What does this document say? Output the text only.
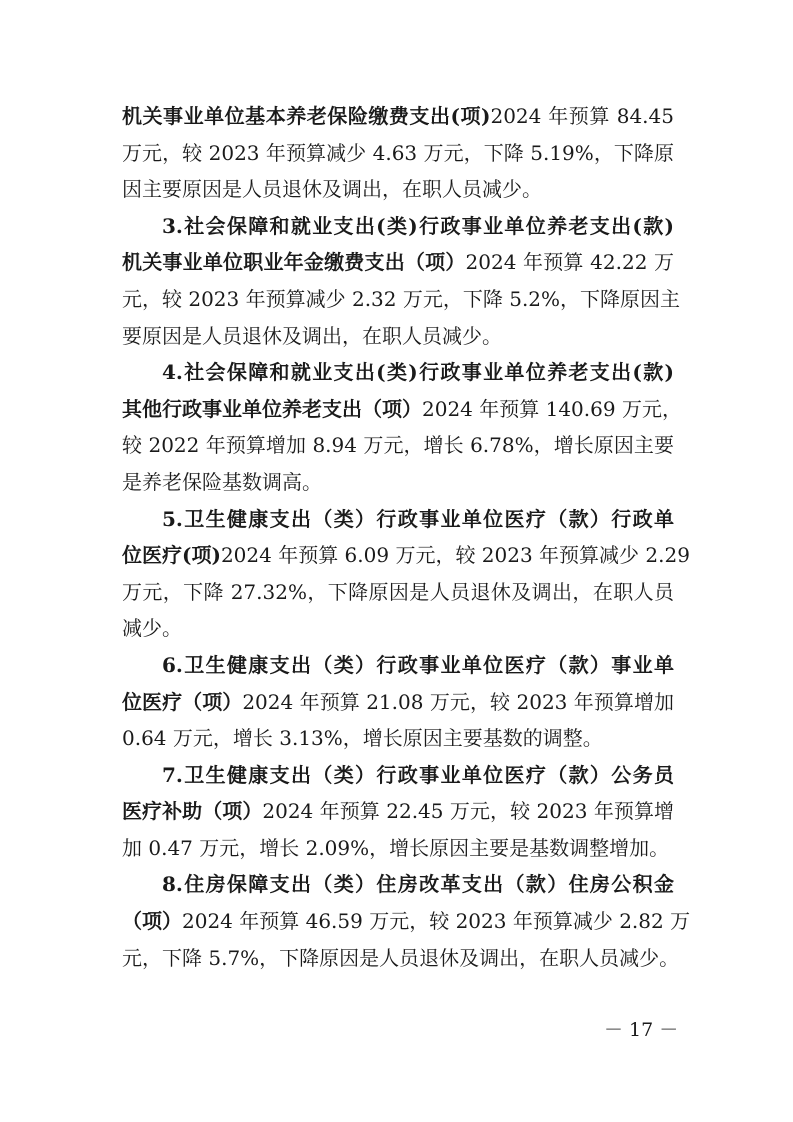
机关事业单位基本养老保险缴费支出(项)2024 年预算 84.45
万元，较 2023 年预算减少 4.63 万元，下降 5.19%，下降原
因主要原因是人员退休及调出，在职人员减少。
3.社会保障和就业支出(类)行政事业单位养老支出(款)
机关事业单位职业年金缴费支出（项）2024 年预算 42.22 万
元，较 2023 年预算减少 2.32 万元，下降 5.2%，下降原因主
要原因是人员退休及调出，在职人员减少。
4.社会保障和就业支出(类)行政事业单位养老支出(款)
其他行政事业单位养老支出（项）2024 年预算 140.69 万元，
较 2022 年预算增加 8.94 万元，增长 6.78%，增长原因主要
是养老保险基数调高。
5.卫生健康支出（类）行政事业单位医疗（款）行政单
位医疗(项)2024 年预算 6.09 万元，较 2023 年预算减少 2.29
万元，下降 27.32%，下降原因是人员退休及调出，在职人员
减少。
6.卫生健康支出（类）行政事业单位医疗（款）事业单
位医疗（项）2024 年预算 21.08 万元，较 2023 年预算增加
0.64 万元，增长 3.13%，增长原因主要基数的调整。
7.卫生健康支出（类）行政事业单位医疗（款）公务员
医疗补助（项）2024 年预算 22.45 万元，较 2023 年预算增
加 0.47 万元，增长 2.09%，增长原因主要是基数调整增加。
8.住房保障支出（类）住房改革支出（款）住房公积金
（项）2024 年预算 46.59 万元，较 2023 年预算减少 2.82 万
元，下降 5.7%，下降原因是人员退休及调出，在职人员减少。
－ 17 －
